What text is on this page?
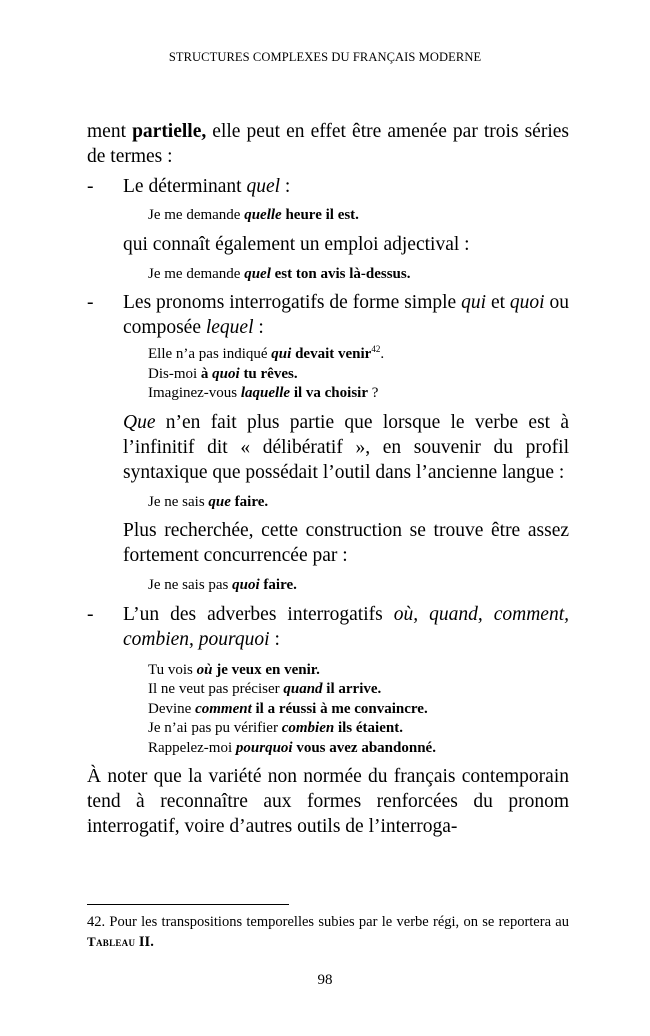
STRUCTURES COMPLEXES DU FRANÇAIS MODERNE

ment partielle, elle peut en effet être amenée par trois séries de termes :

- Le déterminant quel :

Je me demande quelle heure il est.

qui connaît également un emploi adjectival :

Je me demande quel est ton avis là-dessus.
- Les pronoms interrogatifs de forme simple qui et quoi ou composée lequel :

Elle n’a pas indiqué qui devait venir$^{42}$.
Dis-moi à quoi tu rêves.
Imaginez-vous laquelle il va choisir ?

Que n’en fait plus partie que lorsque le verbe est à l’infinitif dit « délibératif », en souvenir du profil syntaxique que possédait l’outil dans l’ancienne langue :

Je ne sais que faire.

Plus recherchée, cette construction se trouve être assez fortement concurrencée par :

Je ne sais pas quoi faire.
- L’un des adverbes interrogatifs où, quand, comment, combien, pourquoi :

Tu vois où je veux en venir.
Il ne veut pas préciser quand il arrive.
Devine comment il a réussi à me convaincre.
Je n’ai pas pu vérifier combien ils étaient.
Rappelez-moi pourquoi vous avez abandonné.

À noter que la variété non normée du français contemporain tend à reconnaître aux formes renforcées du pronom interrogatif, voire d’autres outils de l’interroga-

42. Pour les transpositions temporelles subies par le verbe régi, on se reportera au Tableau II.
98
